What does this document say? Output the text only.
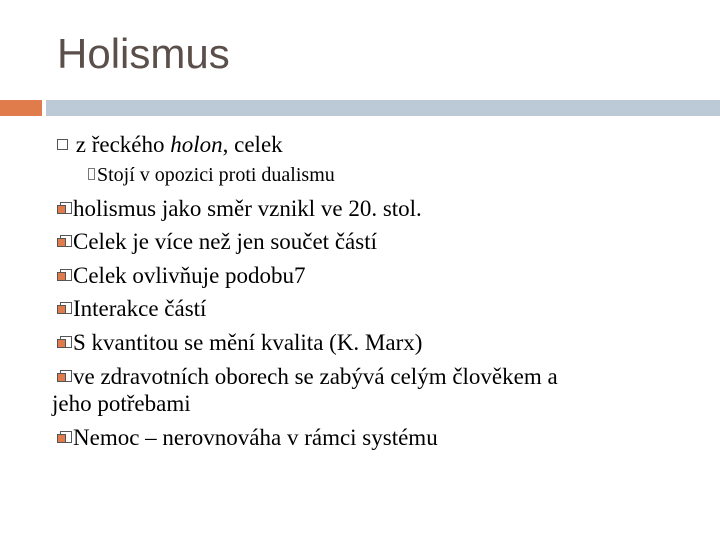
Holismus
z řeckého holon, celek
Stojí v opozici proti dualismu
holismus jako směr vznikl ve 20. stol.
Celek je více než jen součet částí
Celek ovlivňuje podobu7
Interakce částí
S kvantitou se mění kvalita (K. Marx)
ve zdravotních oborech se zabývá celým člověkem a
jeho potřebami
Nemoc – nerovnováha v rámci systému
